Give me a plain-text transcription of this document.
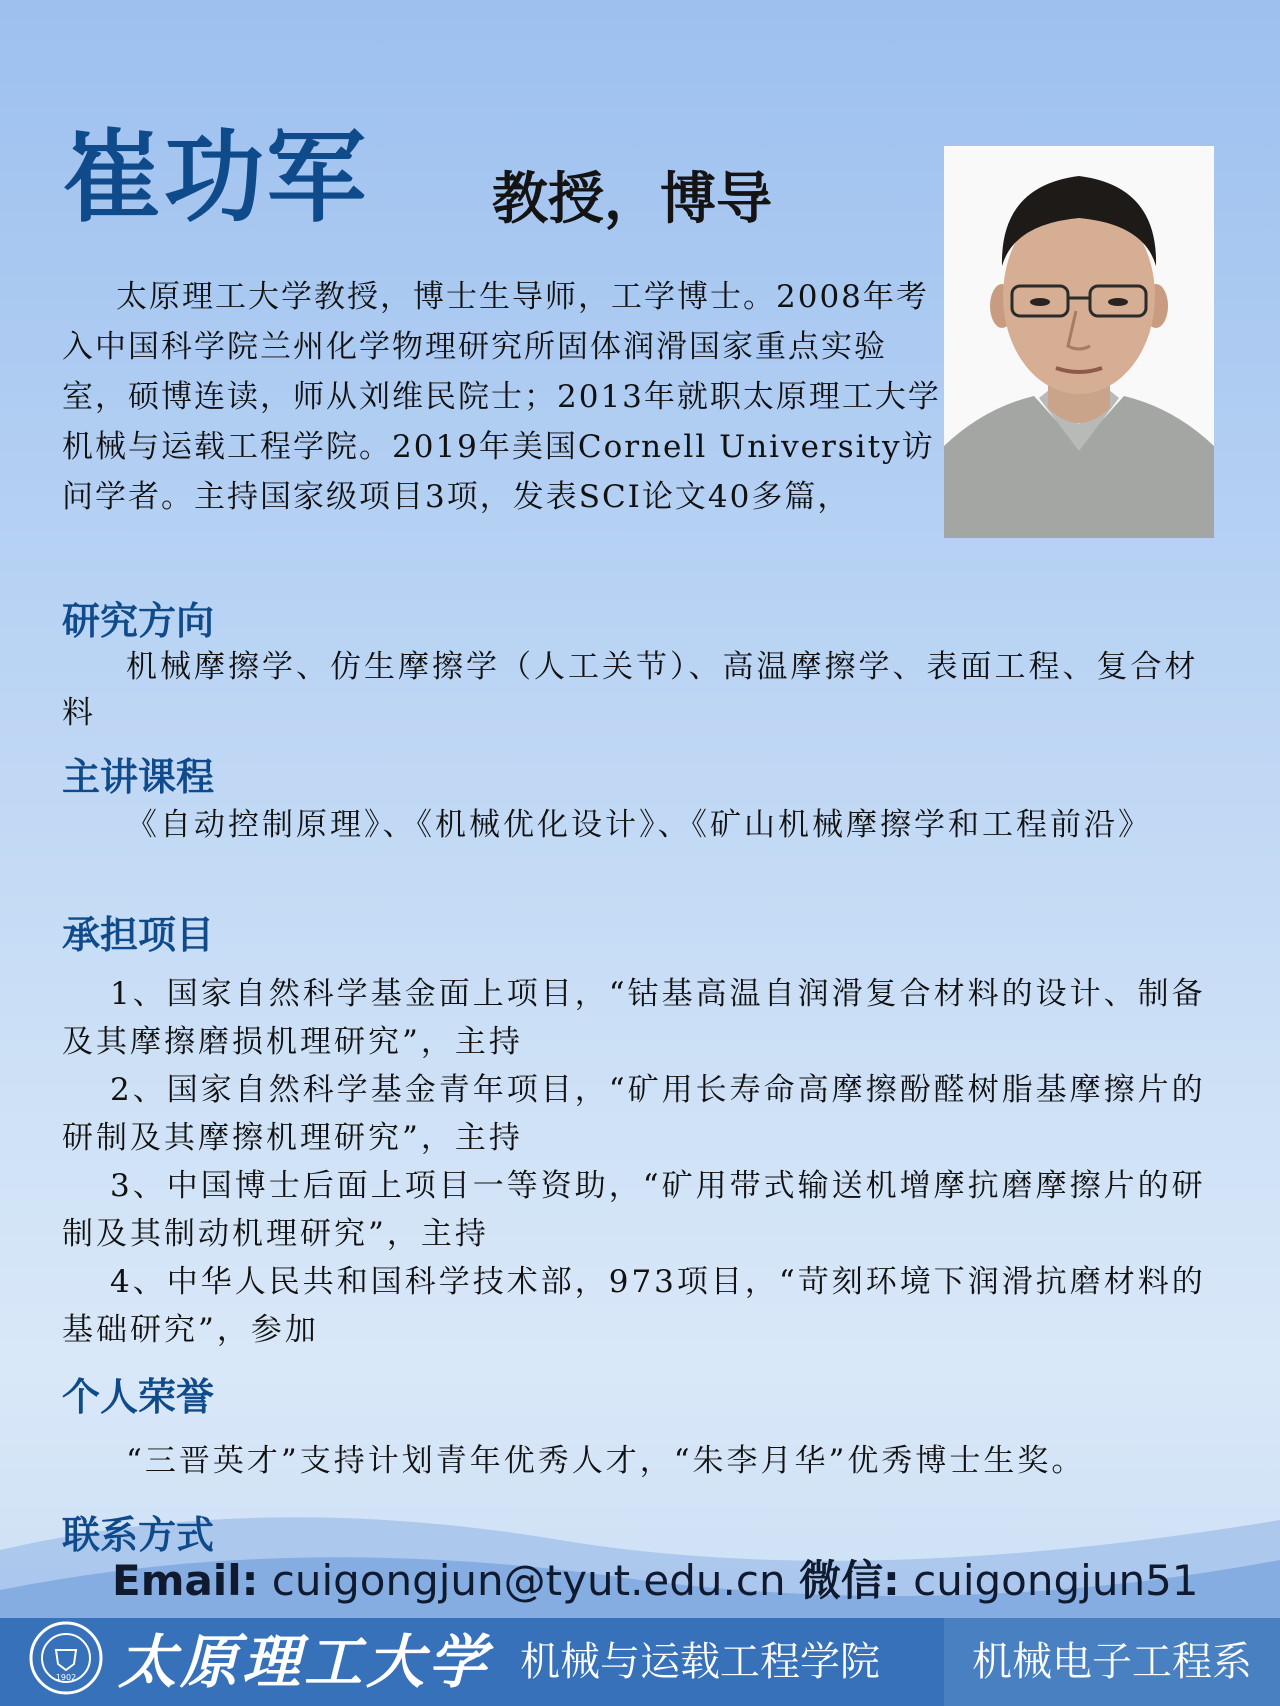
崔功军 教授，博导
太原理工大学教授，博士生导师，工学博士。2008年考入中国科学院兰州化学物理研究所固体润滑国家重点实验室，硕博连读，师从刘维民院士；2013年就职太原理工大学机械与运载工程学院。2019年美国Cornell University访问学者。主持国家级项目3项，发表SCI论文40多篇，
研究方向
机械摩擦学、仿生摩擦学（人工关节）、高温摩擦学、表面工程、复合材料
主讲课程
《自动控制原理》、《机械优化设计》、《矿山机械摩擦学和工程前沿》
承担项目

1、国家自然科学基金面上项目，“钴基高温自润滑复合材料的设计、制备及其摩擦磨损机理研究”，主持

2、国家自然科学基金青年项目，“矿用长寿命高摩擦酚醛树脂基摩擦片的研制及其摩擦机理研究”，主持

3、中国博士后面上项目一等资助，“矿用带式输送机增摩抗磨摩擦片的研制及其制动机理研究”，主持

4、中华人民共和国科学技术部，973项目，“苛刻环境下润滑抗磨材料的基础研究”，参加

个人荣誉
“三晋英才”支持计划青年优秀人才，“朱李月华”优秀博士生奖。
联系方式
Email: cuigongjun@tyut.edu.cn 微信: cuigongjun51
1902 太原理工大学 机械与运载工程学院	机械电子工程系
